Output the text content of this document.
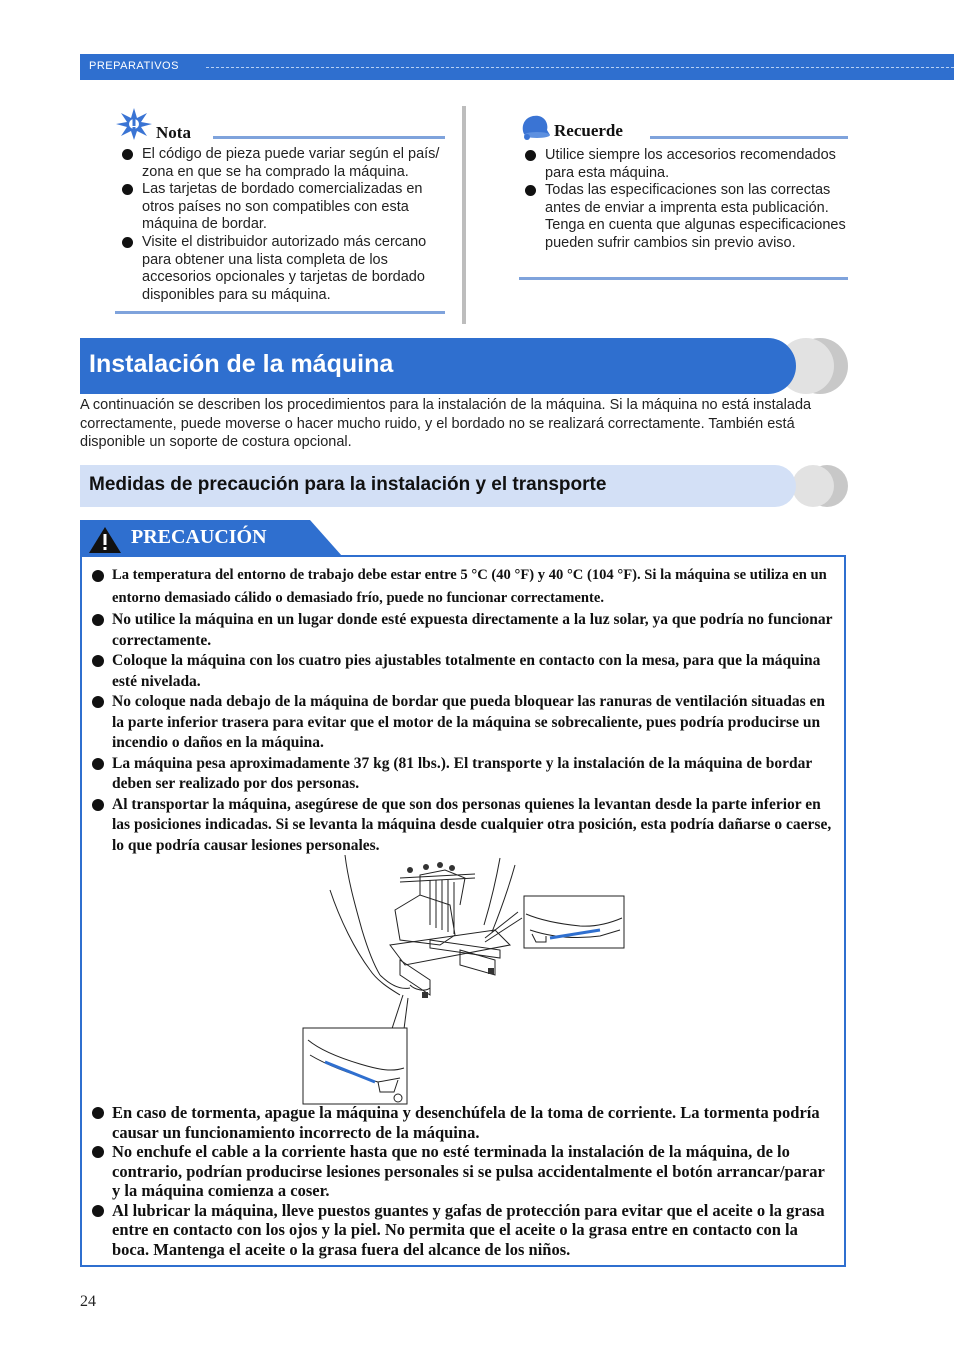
PREPARATIVOS
Nota
El código de pieza puede variar según el país/ zona en que se ha comprado la máquina.
Las tarjetas de bordado comercializadas en otros países no son compatibles con esta máquina de bordar.
Visite el distribuidor autorizado más cercano para obtener una lista completa de los accesorios opcionales y tarjetas de bordado disponibles para su máquina.
Recuerde
Utilice siempre los accesorios recomendados para esta máquina.
Todas las especificaciones son las correctas antes de enviar a imprenta esta publicación. Tenga en cuenta que algunas especificaciones pueden sufrir cambios sin previo aviso.
Instalación de la máquina
A continuación se describen los procedimientos para la instalación de la máquina. Si la máquina no está instalada correctamente, puede moverse o hacer mucho ruido, y el bordado no se realizará correctamente. También está disponible un soporte de costura opcional.
Medidas de precaución para la instalación y el transporte
PRECAUCIÓN
La temperatura del entorno de trabajo debe estar entre 5 °C (40 °F) y 40 °C (104 °F). Si la máquina se utiliza en un entorno demasiado cálido o demasiado frío, puede no funcionar correctamente.
No utilice la máquina en un lugar donde esté expuesta directamente a la luz solar, ya que podría no funcionar correctamente.
Coloque la máquina con los cuatro pies ajustables totalmente en contacto con la mesa, para que la máquina esté nivelada.
No coloque nada debajo de la máquina de bordar que pueda bloquear las ranuras de ventilación situadas en la parte inferior trasera para evitar que el motor de la máquina se sobrecaliente, pues podría producirse un incendio o daños en la máquina.
La máquina pesa aproximadamente 37 kg (81 lbs.). El transporte y la instalación de la máquina de bordar deben ser realizado por dos personas.
Al transportar la máquina, asegúrese de que son dos personas quienes la levantan desde la parte inferior en las posiciones indicadas. Si se levanta la máquina desde cualquier otra posición, esta podría dañarse o caerse, lo que podría causar lesiones personales.
En caso de tormenta, apague la máquina y desenchúfela de la toma de corriente. La tormenta podría causar un funcionamiento incorrecto de la máquina.
No enchufe el cable a la corriente hasta que no esté terminada la instalación de la máquina, de lo contrario, podrían producirse lesiones personales si se pulsa accidentalmente el botón arrancar/parar y la máquina comienza a coser.
Al lubricar la máquina, lleve puestos guantes y gafas de protección para evitar que el aceite o la grasa entre en contacto con los ojos y la piel. No permita que el aceite o la grasa entre en contacto con la boca. Mantenga el aceite o la grasa fuera del alcance de los niños.
24
